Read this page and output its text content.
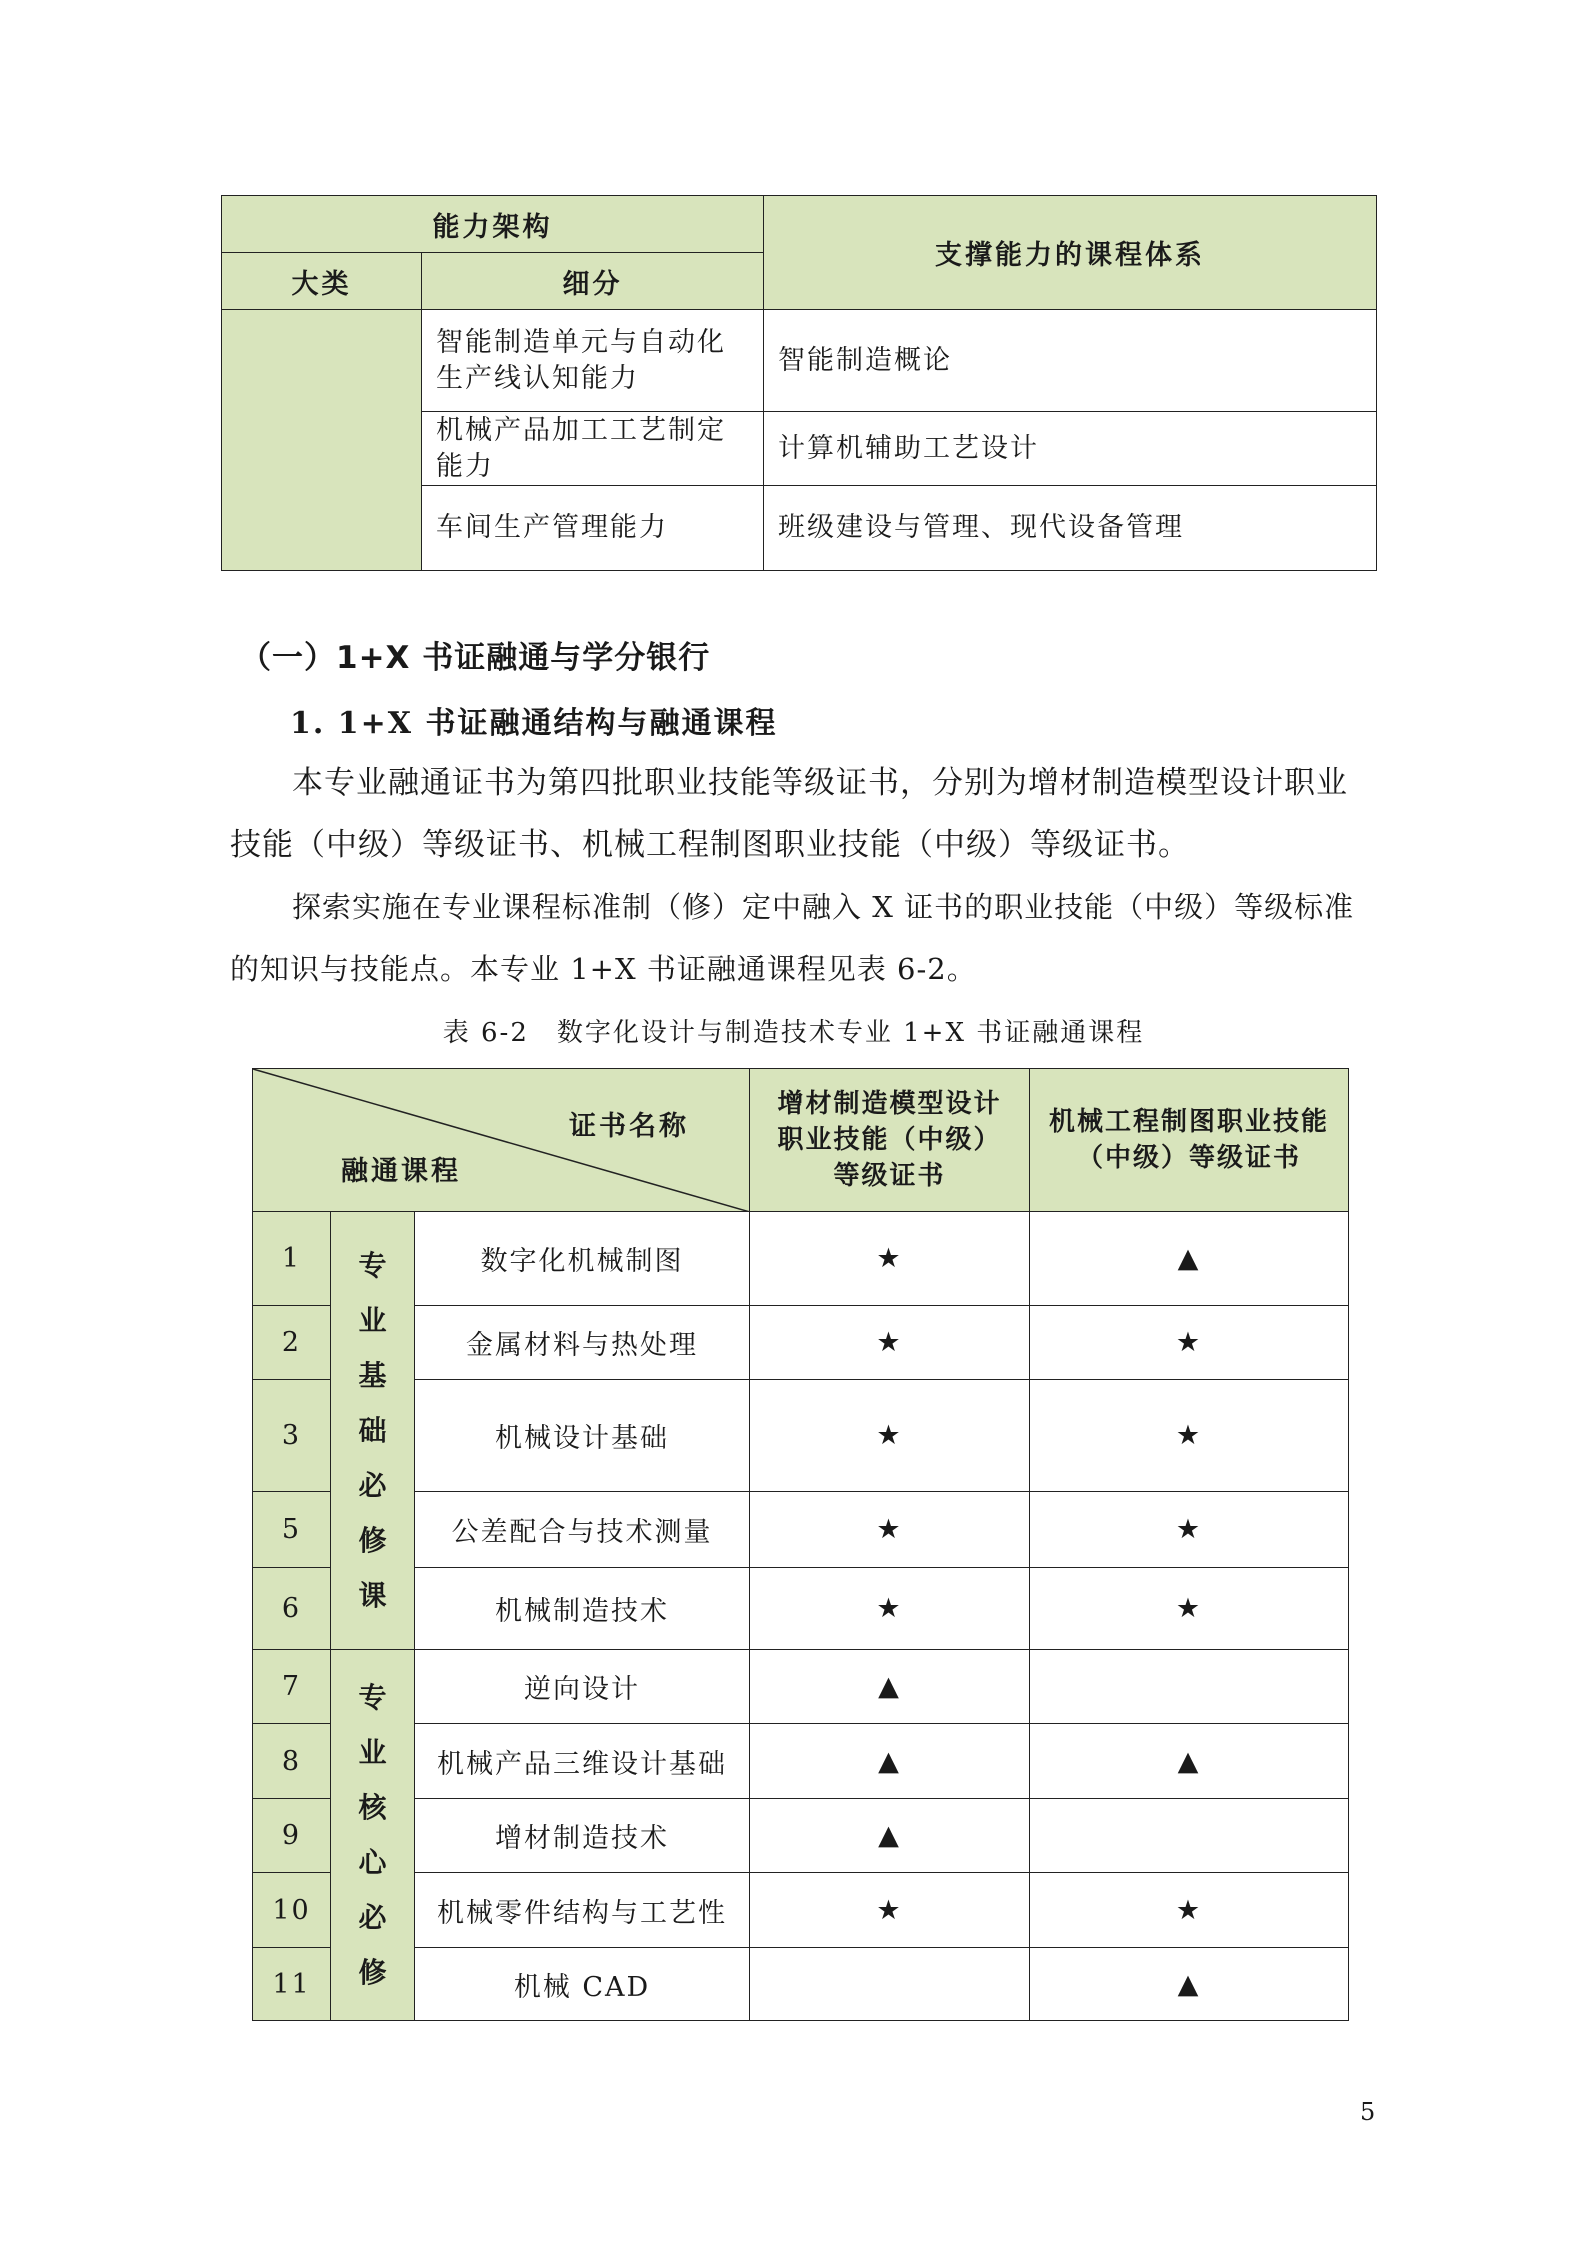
能力架构		支撑能力的课程体系
大类	细分	
	智能制造单元与自动化生产线认知能力	智能制造概论
	机械产品加工工艺制定能力	计算机辅助工艺设计
	车间生产管理能力	班级建设与管理、现代设备管理
（一）1+X 书证融通与学分银行
1. 1+X 书证融通结构与融通课程
本专业融通证书为第四批职业技能等级证书，分别为增材制造模型设计职业技能（中级）等级证书、机械工程制图职业技能（中级）等级证书。
探索实施在专业课程标准制（修）定中融入 X 证书的职业技能（中级）等级标准的知识与技能点。本专业 1+X 书证融通课程见表 6-2。
表 6-2　数字化设计与制造技术专业 1+X 书证融通课程
证书名称
融通课程			增材制造模型设计职业技能（中级）等级证书	机械工程制图职业技能（中级）等级证书
1	专业基础必修课	数字化机械制图	★	▲
2		金属材料与热处理	★	★
3		机械设计基础	★	★
5		公差配合与技术测量	★	★
6		机械制造技术	★	★
7	专业核心必修	逆向设计	▲	
8		机械产品三维设计基础	▲	▲
9		增材制造技术	▲	
10		机械零件结构与工艺性	★	★
11		机械 CAD		▲
5
